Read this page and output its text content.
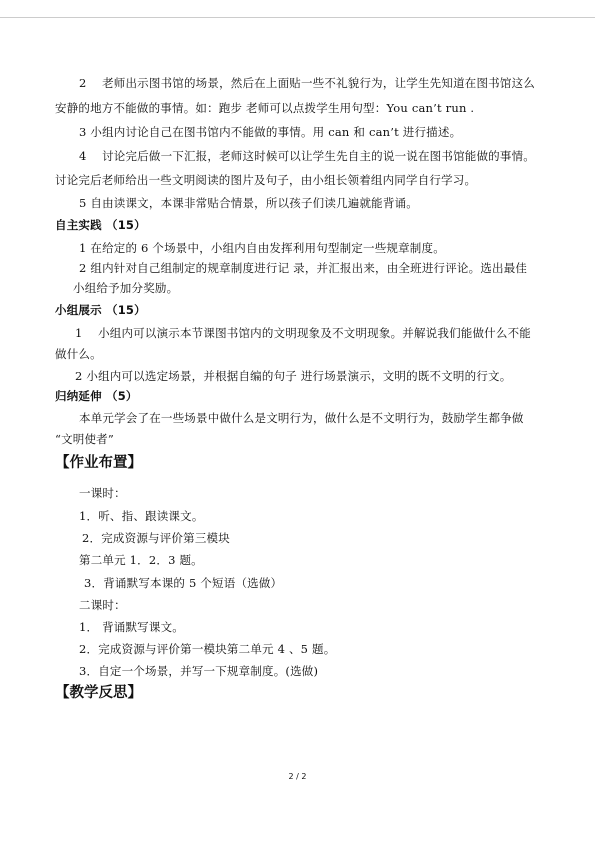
2　 老师出示图书馆的场景，然后在上面贴一些不礼貌行为，让学生先知道在图书馆这么
安静的地方不能做的事情。如：跑步 老师可以点拨学生用句型：You can’t run .
3 小组内讨论自己在图书馆内不能做的事情。用 can 和 can’t 进行描述。
4　 讨论完后做一下汇报，老师这时候可以让学生先自主的说一说在图书馆能做的事情。
讨论完后老师给出一些文明阅读的图片及句子，由小组长领着组内同学自行学习。
5 自由读课文，本课非常贴合情景，所以孩子们读几遍就能背诵。
自主实践 （15）
1 在给定的 6 个场景中，小组内自由发挥利用句型制定一些规章制度。
2 组内针对自己组制定的规章制度进行记 录，并汇报出来，由全班进行评论。选出最佳
小组给予加分奖励。
小组展示 （15）
1　 小组内可以演示本节课图书馆内的文明现象及不文明现象。并解说我们能做什么不能
做什么。
2 小组内可以选定场景，并根据自编的句子 进行场景演示，文明的既不文明的行文。
归纳延伸 （5）
本单元学会了在一些场景中做什么是文明行为，做什么是不文明行为，鼓励学生都争做
“文明使者”
【作业布置】
一课时：
1．听、指、跟读课文。
2．完成资源与评价第三模块
第二单元 1．2．3 题。
3．背诵默写本课的 5 个短语（选做）
二课时：
1． 背诵默写课文。
2．完成资源与评价第一模块第二单元 4 、5 题。
3．自定一个场景，并写一下规章制度。(选做)
【教学反思】
2 / 2
